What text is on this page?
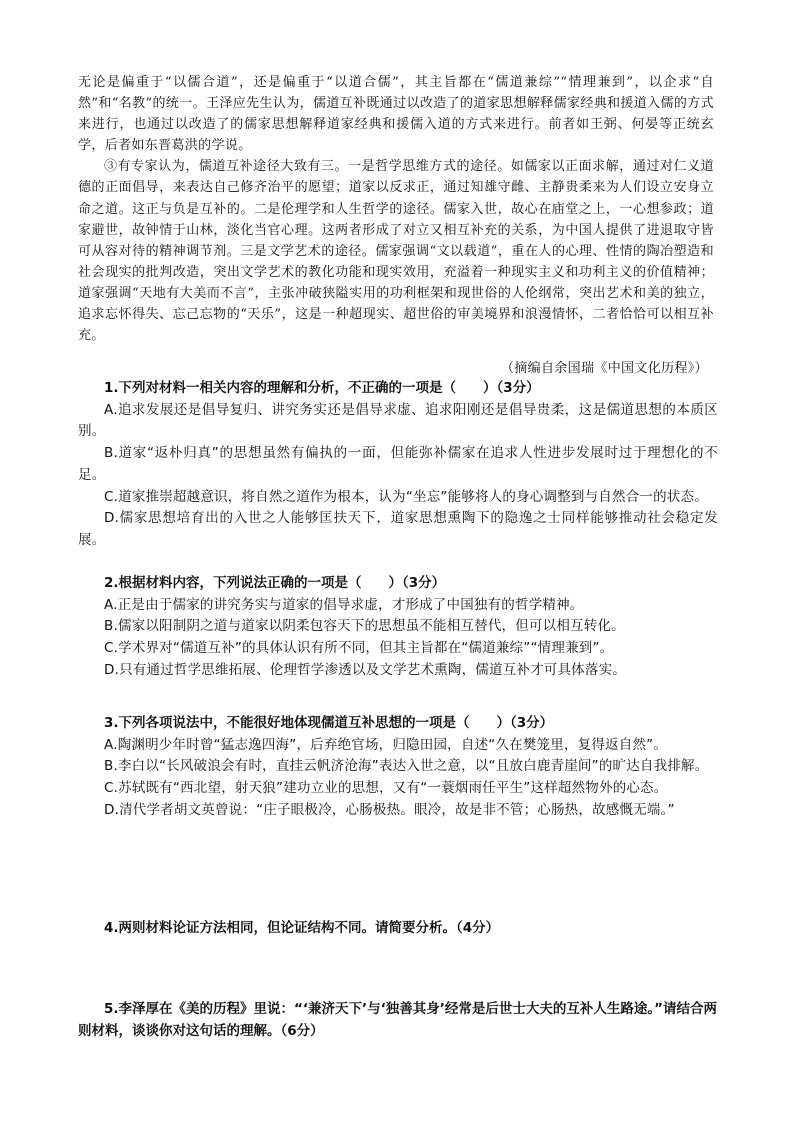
无论是偏重于“以儒合道”，还是偏重于“以道合儒”，其主旨都在“儒道兼综”“情理兼到”，以企求“自然”和“名教”的统一。王泽应先生认为，儒道互补既通过以改造了的道家思想解释儒家经典和援道入儒的方式来进行，也通过以改造了的儒家思想解释道家经典和援儒入道的方式来进行。前者如王弼、何晏等正统玄学，后者如东晋葛洪的学说。

③有专家认为，儒道互补途径大致有三。一是哲学思维方式的途径。如儒家以正面求解，通过对仁义道德的正面倡导，来表达自己修齐治平的愿望；道家以反求正，通过知雄守雌、主静贵柔来为人们设立安身立命之道。这正与负是互补的。二是伦理学和人生哲学的途径。儒家入世，故心在庙堂之上，一心想参政；道家避世，故钟情于山林，淡化当官心理。这两者形成了对立又相互补充的关系，为中国人提供了进退取守皆可从容对待的精神调节剂。三是文学艺术的途径。儒家强调“文以载道”，重在人的心理、性情的陶冶塑造和社会现实的批判改造，突出文学艺术的教化功能和现实效用，充溢着一种现实主义和功利主义的价值精神；道家强调“天地有大美而不言”，主张冲破狭隘实用的功利框架和现世俗的人伦纲常，突出艺术和美的独立，追求忘怀得失、忘己忘物的“天乐”，这是一种超现实、超世俗的审美境界和浪漫情怀，二者恰恰可以相互补充。

（摘编自余国瑞《中国文化历程》）
1.下列对材料一相关内容的理解和分析，不正确的一项是（　　）（3分）
A.追求发展还是倡导复归、讲究务实还是倡导求虚、追求阳刚还是倡导贵柔，这是儒道思想的本质区别。
B.道家“返朴归真”的思想虽然有偏执的一面，但能弥补儒家在追求人性进步发展时过于理想化的不足。
C.道家推崇超越意识，将自然之道作为根本，认为“坐忘”能够将人的身心调整到与自然合一的状态。
D.儒家思想培育出的入世之人能够匡扶天下，道家思想熏陶下的隐逸之士同样能够推动社会稳定发展。
2.根据材料内容，下列说法正确的一项是（　　）（3分）
A.正是由于儒家的讲究务实与道家的倡导求虚，才形成了中国独有的哲学精神。
B.儒家以阳制阴之道与道家以阴柔包容天下的思想虽不能相互替代，但可以相互转化。
C.学术界对“儒道互补”的具体认识有所不同，但其主旨都在“儒道兼综”“情理兼到”。
D.只有通过哲学思维拓展、伦理哲学渗透以及文学艺术熏陶，儒道互补才可具体落实。
3.下列各项说法中，不能很好地体现儒道互补思想的一项是（　　）（3分）
A.陶渊明少年时曾“猛志逸四海”，后弃绝官场，归隐田园，自述“久在樊笼里，复得返自然”。
B.李白以“长风破浪会有时，直挂云帆济沧海”表达入世之意，以“且放白鹿青崖间”的旷达自我排解。
C.苏轼既有“西北望，射天狼”建功立业的思想，又有“一蓑烟雨任平生”这样超然物外的心态。
D.清代学者胡文英曾说：“庄子眼极冷，心肠极热。眼冷，故是非不管；心肠热，故感慨无端。”
4.两则材料论证方法相同，但论证结构不同。请简要分析。（4分）
5.李泽厚在《美的历程》里说：“‘兼济天下’与‘独善其身’经常是后世士大夫的互补人生路途。”请结合两则材料，谈谈你对这句话的理解。（6分）
